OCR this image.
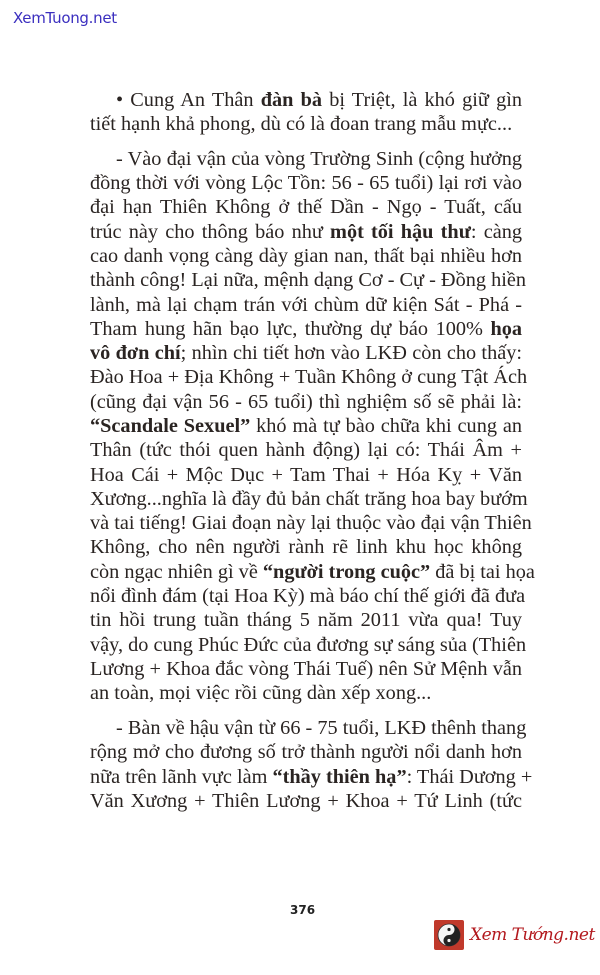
XemTuong.net
• Cung An Thân đàn bà bị Triệt, là khó giữ gìn
tiết hạnh khả phong, dù có là đoan trang mẫu mực...
- Vào đại vận của vòng Trường Sinh (cộng hưởng
đồng thời với vòng Lộc Tồn: 56 - 65 tuổi) lại rơi vào
đại hạn Thiên Không ở thế Dần - Ngọ - Tuất, cấu
trúc này cho thông báo như một tối hậu thư: càng
cao danh vọng càng dày gian nan, thất bại nhiều hơn
thành công! Lại nữa, mệnh dạng Cơ - Cự - Đồng hiền
lành, mà lại chạm trán với chùm dữ kiện Sát - Phá -
Tham hung hãn bạo lực, thường dự báo 100% họa
vô đơn chí; nhìn chi tiết hơn vào LKĐ còn cho thấy:
Đào Hoa + Địa Không + Tuần Không ở cung Tật Ách
(cũng đại vận 56 - 65 tuổi) thì nghiệm số sẽ phải là:
“Scandale Sexuel” khó mà tự bào chữa khi cung an
Thân (tức thói quen hành động) lại có: Thái Âm +
Hoa Cái + Mộc Dục + Tam Thai + Hóa Kỵ + Văn
Xương...nghĩa là đầy đủ bản chất trăng hoa bay bướm
và tai tiếng! Giai đoạn này lại thuộc vào đại vận Thiên
Không, cho nên người rành rẽ linh khu học không
còn ngạc nhiên gì về “người trong cuộc” đã bị tai họa
nổi đình đám (tại Hoa Kỳ) mà báo chí thế giới đã đưa
tin hồi trung tuần tháng 5 năm 2011 vừa qua! Tuy
vậy, do cung Phúc Đức của đương sự sáng sủa (Thiên
Lương + Khoa đắc vòng Thái Tuế) nên Sử Mệnh vẫn
an toàn, mọi việc rồi cũng dàn xếp xong...
- Bàn về hậu vận từ 66 - 75 tuổi, LKĐ thênh thang
rộng mở cho đương số trở thành người nổi danh hơn
nữa trên lãnh vực làm “thầy thiên hạ”: Thái Dương +
Văn Xương + Thiên Lương + Khoa + Tứ Linh (tức
376
Xem Tướng.net
